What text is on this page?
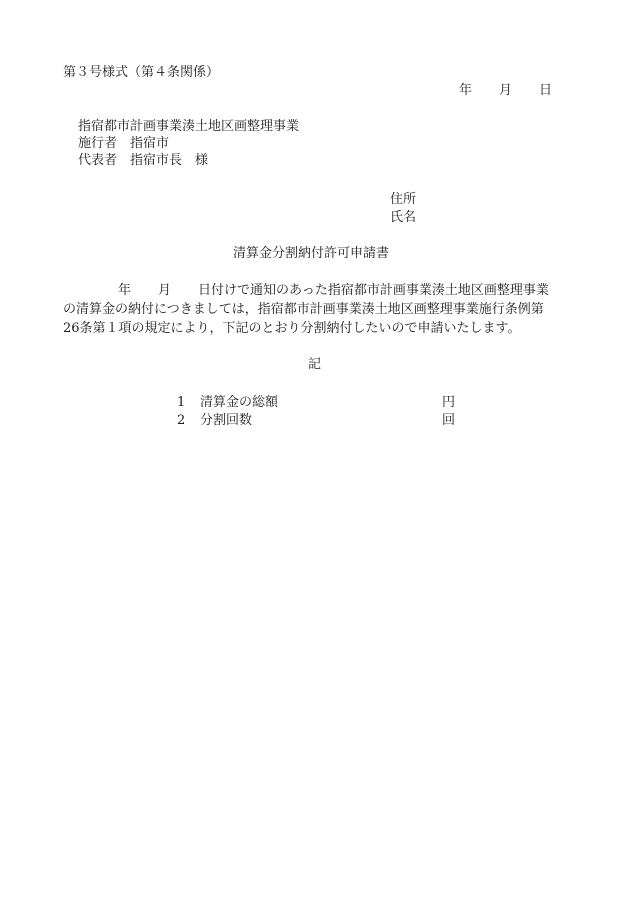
第３号様式（第４条関係）
年 月 日
指宿都市計画事業湊土地区画整理事業
施行者　指宿市
代表者　指宿市長　様
住所
氏名
清算金分割納付許可申請書
年 月 日付けで通知のあった指宿都市計画事業湊土地区画整理事業
の清算金の納付につきましては，指宿都市計画事業湊土地区画整理事業施行条例第
26条第１項の規定により，下記のとおり分割納付したいので申請いたします。
記
1 清算金の総額	円
2 分割回数	回
